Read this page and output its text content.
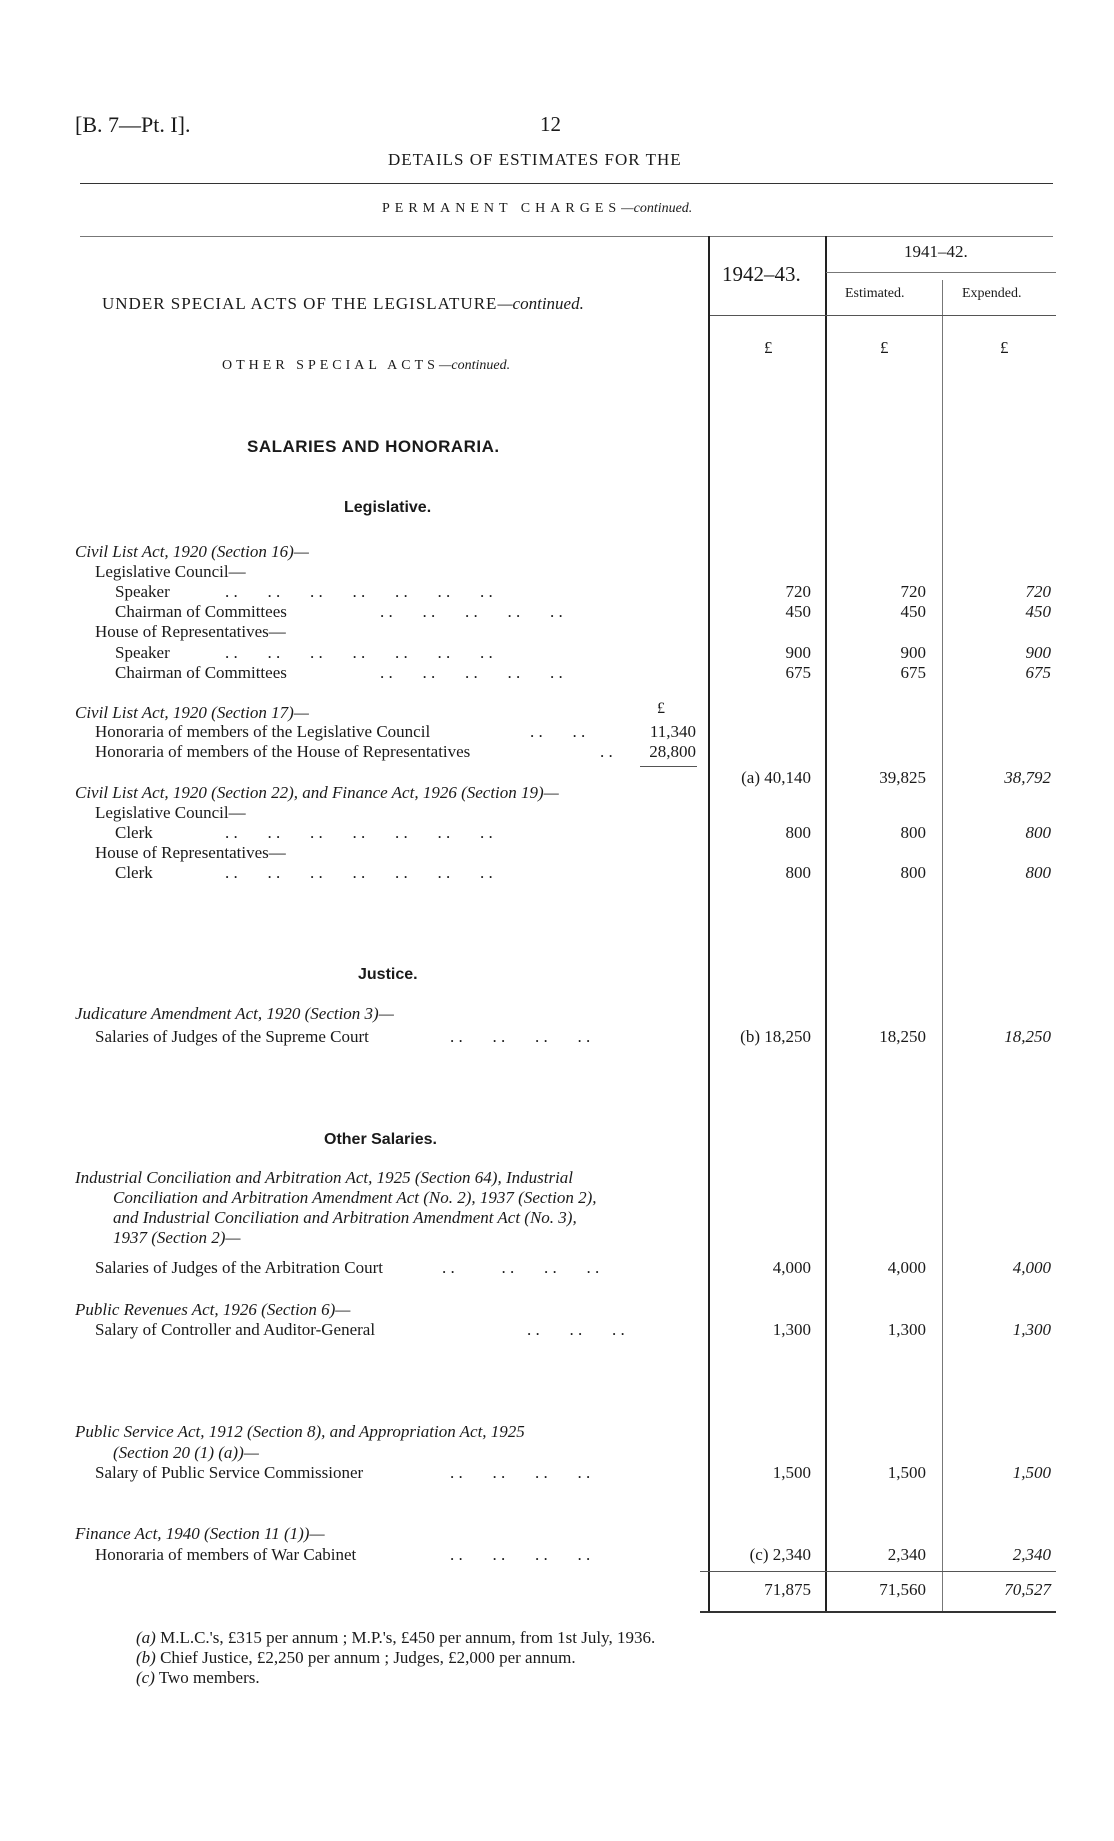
[B. 7—Pt. I].	12
DETAILS OF ESTIMATES FOR THE
PERMANENT CHARGES—continued.
1942–43.
1941–42.
Estimated.	Expended.
£	£	£
UNDER SPECIAL ACTS OF THE LEGISLATURE—continued.
OTHER SPECIAL ACTS—continued.
SALARIES AND HONORARIA.
Legislative.
Civil List Act, 1920 (Section 16)—
Legislative Council—
Speaker	. .       . .       . .       . .       . .       . .       . .	720	720	720
Chairman of Committees	. .       . .       . .       . .       . .	450	450	450
House of Representatives—
Speaker	. .       . .       . .       . .       . .       . .       . .	900	900	900
Chairman of Committees	. .       . .       . .       . .       . .	675	675	675
Civil List Act, 1920 (Section 17)—	£
Honoraria of members of the Legislative Council	. .       . .	11,340
Honoraria of members of the House of Representatives	. . 28,800
(a) 40,140	39,825	38,792
Civil List Act, 1920 (Section 22), and Finance Act, 1926 (Section 19)—
Legislative Council—
Clerk	. .       . .       . .       . .       . .       . .       . .	800	800	800
House of Representatives—
Clerk	. .       . .       . .       . .       . .       . .       . .	800	800	800
Justice.
Judicature Amendment Act, 1920 (Section 3)—
Salaries of Judges of the Supreme Court	. .       . .       . .       . .	(b) 18,250	18,250	18,250
Other Salaries.
Industrial Conciliation and Arbitration Act, 1925 (Section 64), Industrial
Conciliation and Arbitration Amendment Act (No. 2), 1937 (Section 2),
and Industrial Conciliation and Arbitration Amendment Act (No. 3),
1937 (Section 2)—
Salaries of Judges of the Arbitration Court	. .           . .       . .       . .	4,000	4,000	4,000
Public Revenues Act, 1926 (Section 6)—
Salary of Controller and Auditor-General	. .       . .       . .	1,300	1,300	1,300
Public Service Act, 1912 (Section 8), and Appropriation Act, 1925
(Section 20 (1) (a))—
Salary of Public Service Commissioner	. .       . .       . .       . .	1,500	1,500	1,500
Finance Act, 1940 (Section 11 (1))—
Honoraria of members of War Cabinet	. .       . .       . .       . .	(c) 2,340	2,340	2,340
71,875	71,560	70,527
(a) M.L.C.'s, £315 per annum ; M.P.'s, £450 per annum, from 1st July, 1936.
(b) Chief Justice, £2,250 per annum ; Judges, £2,000 per annum.
(c) Two members.
